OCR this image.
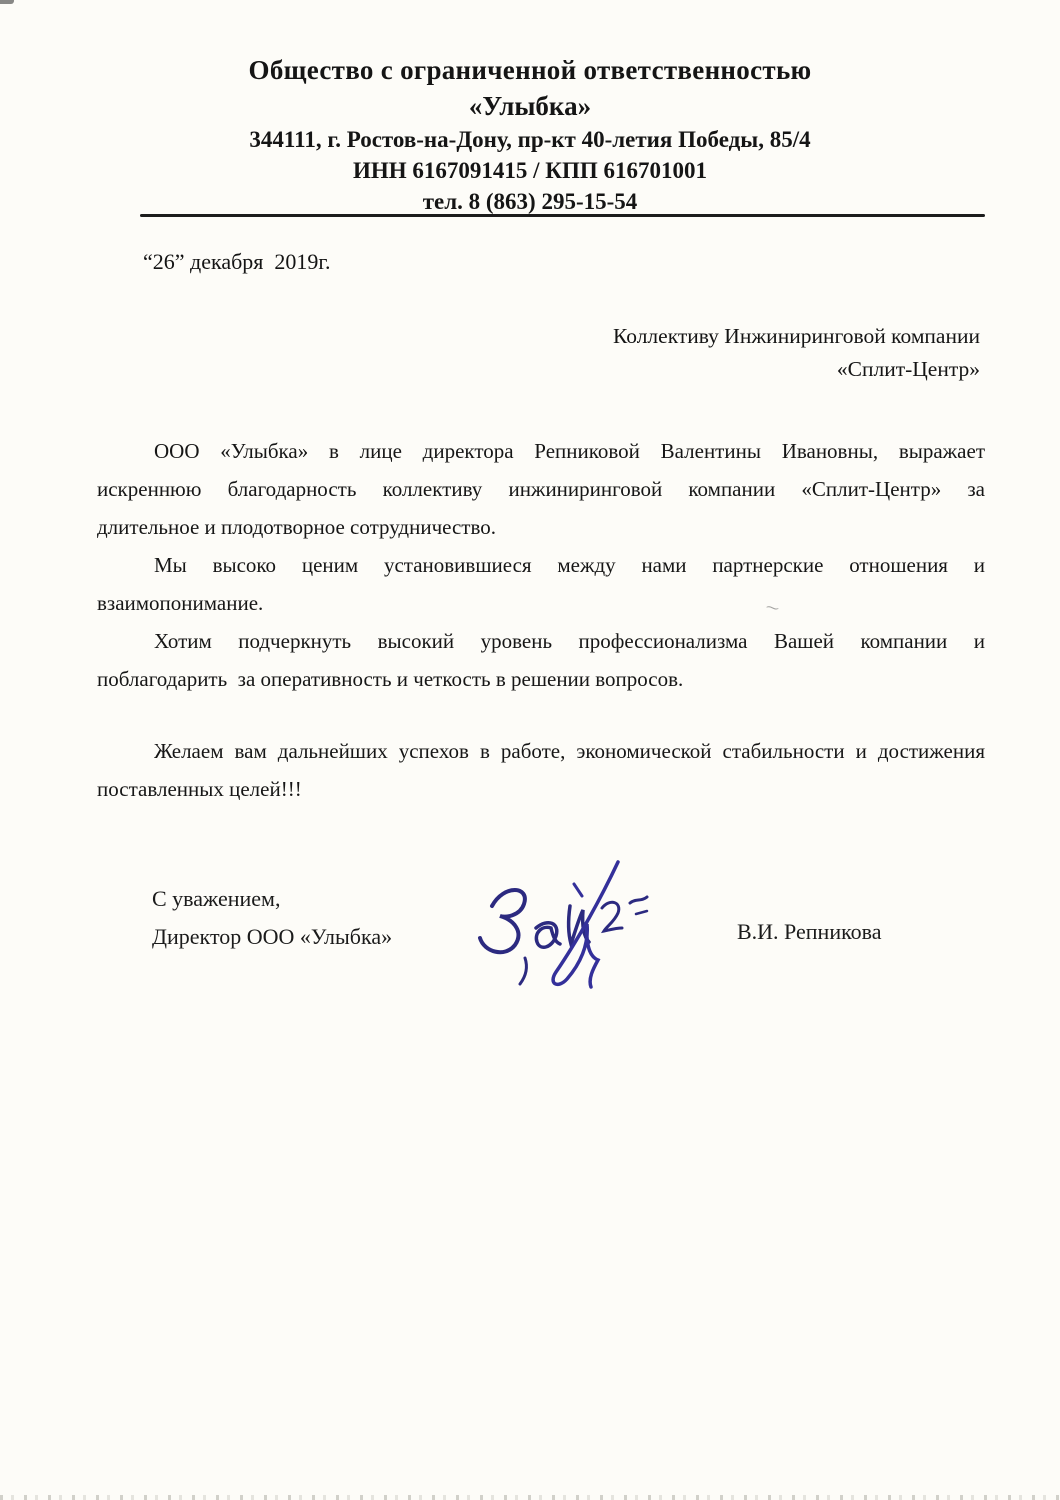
Общество с ограниченной ответственностью
«Улыбка»
344111, г. Ростов-на-Дону, пр-кт 40-летия Победы, 85/4
ИНН 6167091415 / КПП 616701001
тел. 8 (863) 295-15-54
“26” декабря  2019г.
Коллективу Инжиниринговой компании
«Сплит-Центр»
ООО «Улыбка» в лице директора Репниковой Валентины Ивановны, выражает
искреннюю благодарность коллективу инжиниринговой компании «Сплит-Центр» за
длительное и плодотворное сотрудничество.
Мы высоко ценим установившиеся между нами партнерские отношения и
взаимопонимание.
Хотим подчеркнуть высокий уровень профессионализма Вашей компании и
поблагодарить  за оперативность и четкость в решении вопросов.
Желаем вам дальнейших успехов в работе, экономической стабильности и достижения
поставленных целей!!!
С уважением,
Директор ООО «Улыбка»	В.И. Репникова
⁓
